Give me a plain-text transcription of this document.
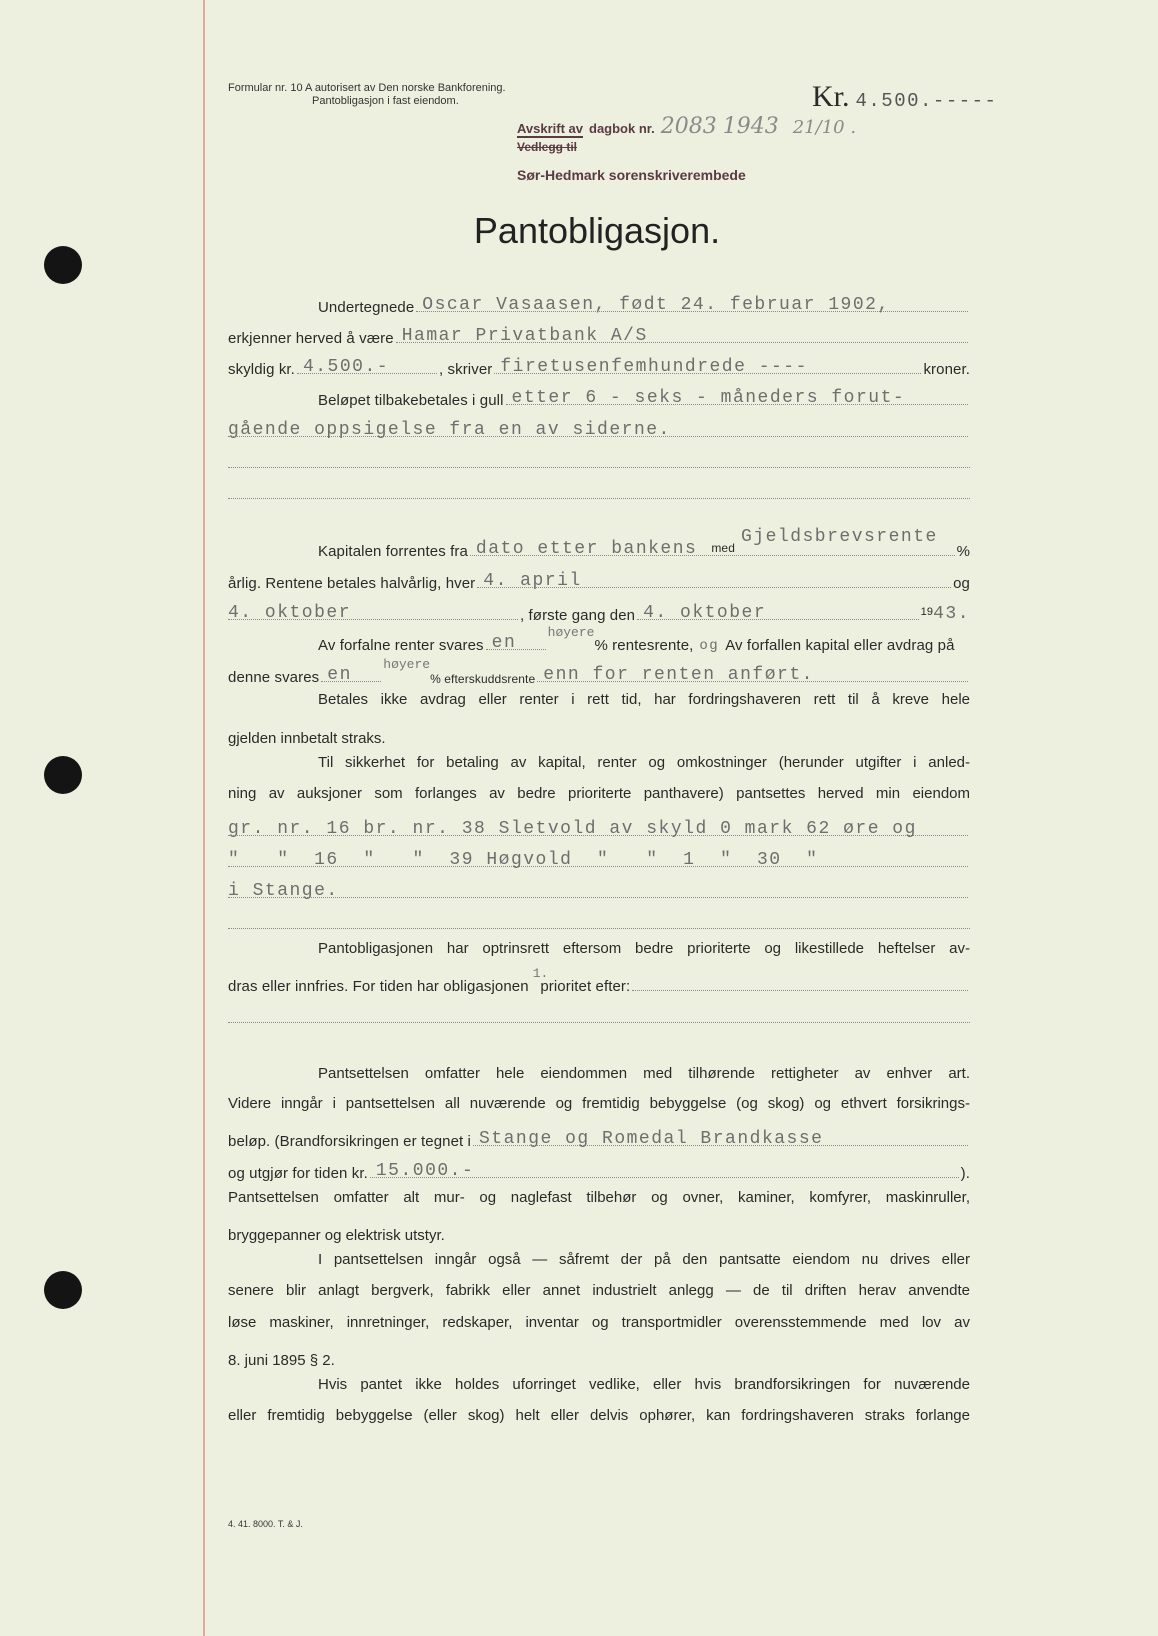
Formular nr. 10 A autorisert av Den norske Bankforening.
Pantobligasjon i fast eiendom.	Kr. 4.500.-----
Avskrift av dagbok nr. 2083 1943 21/10 .
Vedlegg til
Sør-Hedmark sorenskriverembede
Pantobligasjon.
Undertegnede Oscar Vasaasen, født 24. februar 1902,
erkjenner herved å være Hamar Privatbank A/S
skyldig kr. 4.500.-	, skriver firetusenfemhundrede ----	kroner.
Beløpet tilbakebetales i gull etter 6 - seks - måneders forut-
gående oppsigelse fra en av siderne.
Kapitalen forrentes fra dato etter bankens	med
Gjeldsbrevsrente
%
årlig. Rentene betales halvårlig, hver 4. april	og
4. oktober	, første gang den 4. oktober	19 43.
Av forfalne renter svares en
høyere
% rentesrente, og Av forfallen kapital eller avdrag på
denne svares en
høyere
% efterskuddsrente enn for renten anført.
Betales ikke avdrag eller renter i rett tid, har fordringshaveren rett til å kreve hele
gjelden innbetalt straks.
Til sikkerhet for betaling av kapital, renter og omkostninger (herunder utgifter i anled-
ning av auksjoner som forlanges av bedre prioriterte panthavere) pantsettes herved min eiendom
gr. nr. 16 br. nr. 38 Sletvold av skyld 0 mark 62 øre og
"   "  16  "   "  39 Høgvold  "   "  1  "  30  "
i Stange.
Pantobligasjonen har optrinsrett eftersom bedre prioriterte og likestillede heftelser av-
dras eller innfries. For tiden har obligasjonen
1.
prioritet efter:
Pantsettelsen omfatter hele eiendommen med tilhørende rettigheter av enhver art.
Videre inngår i pantsettelsen all nuværende og fremtidig bebyggelse (og skog) og ethvert forsikrings-
beløp. (Brandforsikringen er tegnet i Stange og Romedal Brandkasse
og utgjør for tiden kr. 15.000.-	).
Pantsettelsen omfatter alt mur- og naglefast tilbehør og ovner, kaminer, komfyrer, maskinruller,
bryggepanner og elektrisk utstyr.
I pantsettelsen inngår også — såfremt der på den pantsatte eiendom nu drives eller
senere blir anlagt bergverk, fabrikk eller annet industrielt anlegg — de til driften herav anvendte
løse maskiner, innretninger, redskaper, inventar og transportmidler overensstemmende med lov av
8. juni 1895 § 2.
Hvis pantet ikke holdes uforringet vedlike, eller hvis brandforsikringen for nuværende
eller fremtidig bebyggelse (eller skog) helt eller delvis ophører, kan fordringshaveren straks forlange
4. 41. 8000. T. & J.
